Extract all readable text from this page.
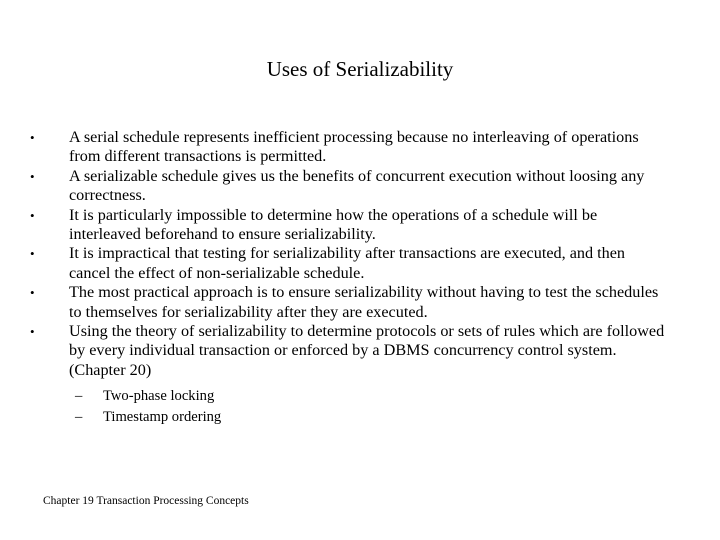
Uses of Serializability
•	A serial schedule represents inefficient processing because no interleaving of operations from different transactions is permitted.
•	A serializable schedule gives us the benefits of concurrent execution without loosing any correctness.
•	It is particularly impossible to determine how the operations of a schedule will be interleaved beforehand to ensure serializability.
•	It is impractical that testing for serializability after transactions are executed, and then cancel the effect of non-serializable schedule.
•	The most practical approach is to ensure serializability without having to test the schedules to themselves for serializability after they are executed.
•	Using the theory of serializability to determine protocols or sets of rules which are followed by every individual transaction or enforced by a DBMS concurrency control system. (Chapter 20)
– Two-phase locking
– Timestamp ordering
Chapter 19 Transaction Processing Concepts
